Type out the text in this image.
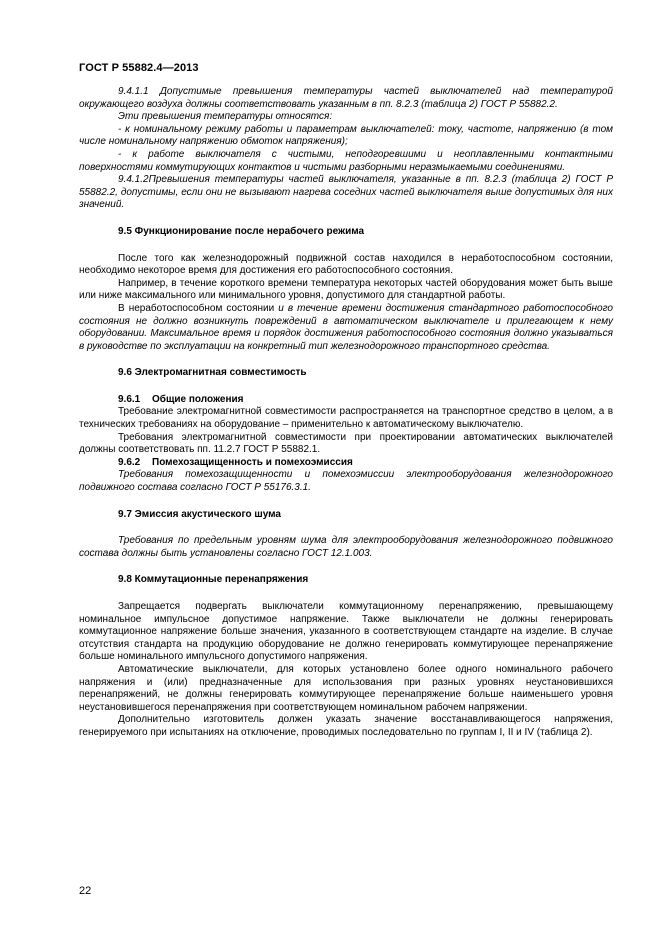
ГОСТ Р 55882.4—2013

9.4.1.1 Допустимые превышения температуры частей выключателей над температурой окружающего воздуха должны соответствовать указанным в пп. 8.2.3 (таблица 2) ГОСТ Р 55882.2.

Эти превышения температуры относятся:

- к номинальному режиму работы и параметрам выключателей: току, частоте, напряжению (в том числе номинальному напряжению обмоток напряжения);

- к работе выключателя с чистыми, неподгоревшими и неоплавленными контактными поверхностями коммутирующих контактов и чистыми разборными неразмыкаемыми соединениями.

9.4.1.2Превышения температуры частей выключателя, указанные в пп. 8.2.3 (таблица 2) ГОСТ Р 55882.2, допустимы, если они не вызывают нагрева соседних частей выключателя выше допустимых для них значений.

9.5 Функционирование после нерабочего режима

После того как железнодорожный подвижной состав находился в неработоспособном состоянии, необходимо некоторое время для достижения его работоспособного состояния.

Например, в течение короткого времени температура некоторых частей оборудования может быть выше или ниже максимального или минимального уровня, допустимого для стандартной работы.

В неработоспособном состоянии и в течение времени достижения стандартного работоспособного состояния не должно возникнуть повреждений в автоматическом выключателе и прилегающем к нему оборудовании. Максимальное время и порядок достижения работоспособного состояния должно указываться в руководстве по эксплуатации на конкретный тип железнодорожного транспортного средства.

9.6 Электромагнитная совместимость
9.6.1 Общие положения

Требование электромагнитной совместимости распространяется на транспортное средство в целом, а в технических требованиях на оборудование – применительно к автоматическому выключателю.

Требования электромагнитной совместимости при проектировании автоматических выключателей должны соответствовать пп. 11.2.7 ГОСТ Р 55882.1.

9.6.2 Помехозащищенность и помехоэмиссия

Требования помехозащищенности и помехоэмиссии электрооборудования железнодорожного подвижного состава согласно ГОСТ Р 55176.3.1.

9.7 Эмиссия акустического шума

Требования по предельным уровням шума для электрооборудования железнодорожного подвижного состава должны быть установлены согласно ГОСТ 12.1.003.

9.8 Коммутационные перенапряжения

Запрещается подвергать выключатели коммутационному перенапряжению, превышающему номинальное импульсное допустимое напряжение. Также выключатели не должны генерировать коммутационное напряжение больше значения, указанного в соответствующем стандарте на изделие. В случае отсутствия стандарта на продукцию оборудование не должно генерировать коммутирующее перенапряжение больше номинального импульсного допустимого напряжения.

Автоматические выключатели, для которых установлено более одного номинального рабочего напряжения и (или) предназначенные для использования при разных уровнях неустановившихся перенапряжений, не должны генерировать коммутирующее перенапряжение больше наименьшего уровня неустановившегося перенапряжения при соответствующем номинальном рабочем напряжении.

Дополнительно изготовитель должен указать значение восстанавливающегося напряжения, генерируемого при испытаниях на отключение, проводимых последовательно по группам I, II и IV (таблица 2).

22
